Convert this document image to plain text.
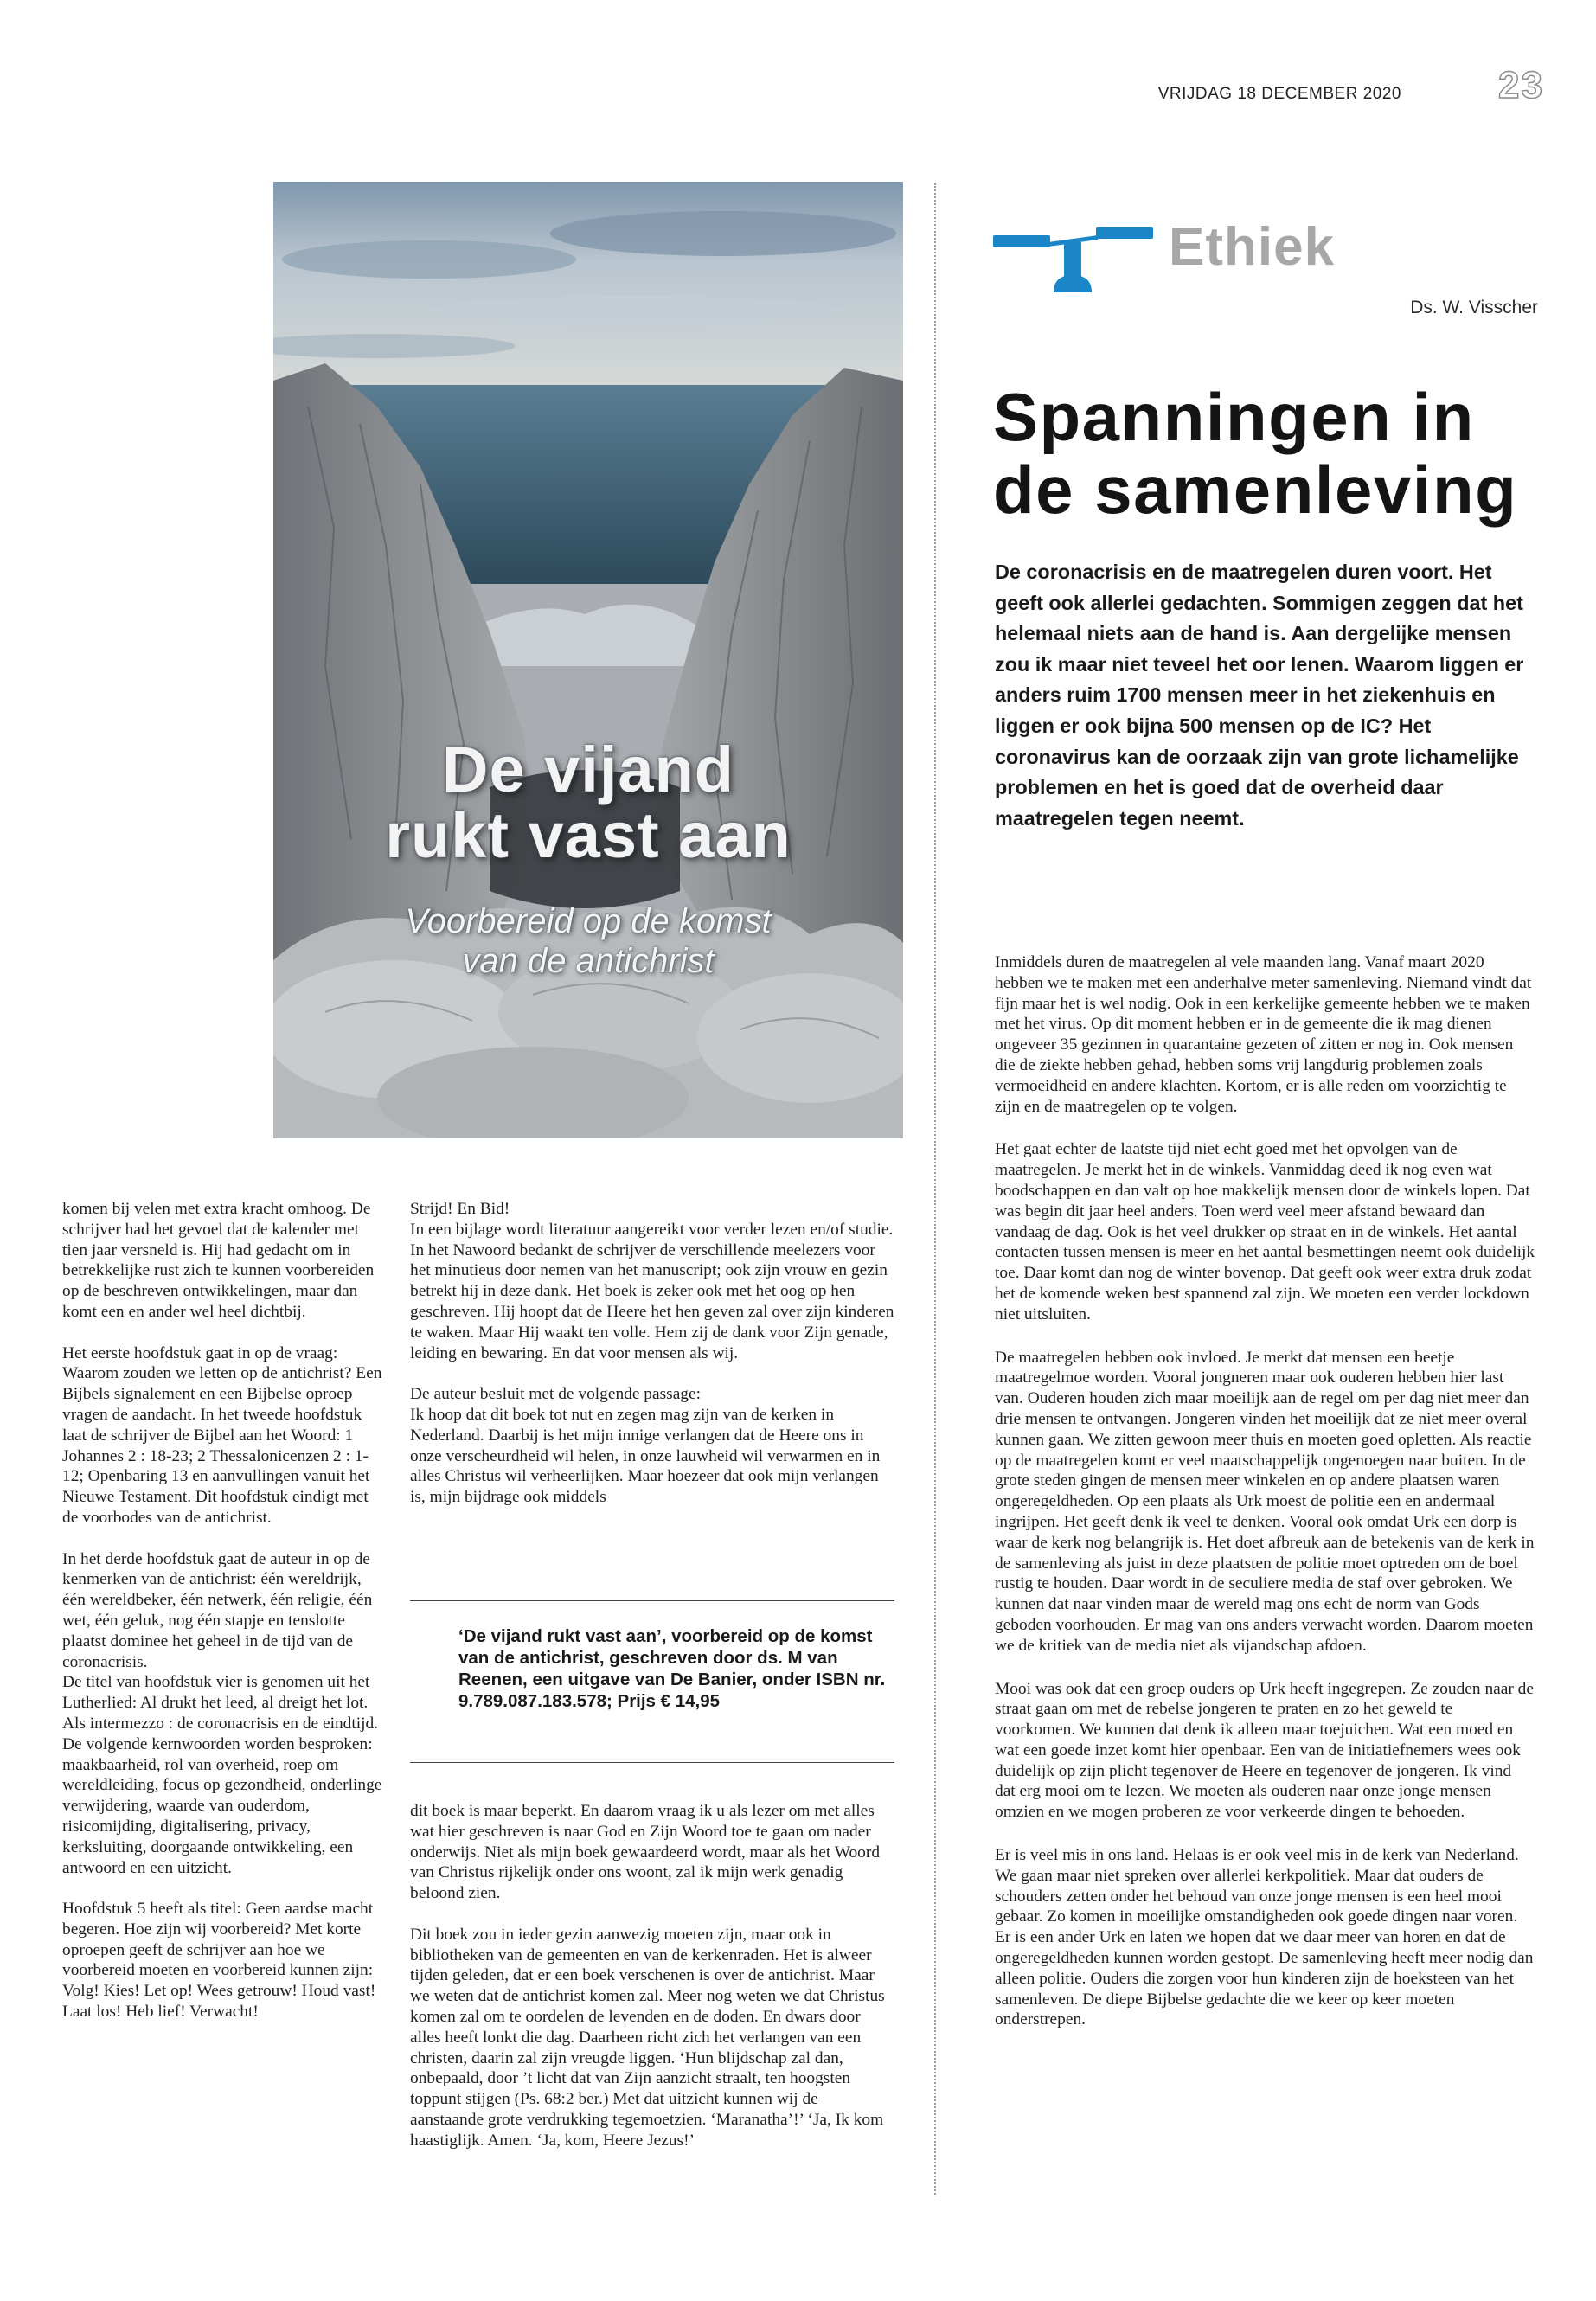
VRIJDAG 18 DECEMBER 2020	23
De vijand
rukt vast aan
Voorbereid op de komst
van de antichrist

komen bij velen met extra kracht omhoog. De schrijver had het gevoel dat de kalender met tien jaar versneld is. Hij had gedacht om in betrekkelijke rust zich te kunnen voorbereiden op de beschreven ontwikkelingen, maar dan komt een en ander wel heel dichtbij.

Het eerste hoofdstuk gaat in op de vraag: Waarom zouden we letten op de antichrist? Een Bijbels signalement en een Bijbelse oproep vragen de aandacht. In het tweede hoofdstuk laat de schrijver de Bijbel aan het Woord: 1 Johannes 2 : 18-23; 2 Thessalonicenzen 2 : 1-12; Openbaring 13 en aanvullingen vanuit het Nieuwe Testament. Dit hoofdstuk eindigt met de voorbodes van de antichrist.

In het derde hoofdstuk gaat de auteur in op de kenmerken van de antichrist: één wereldrijk, één wereldbeker, één netwerk, één religie, één wet, één geluk, nog één stapje en tenslotte plaatst dominee het geheel in de tijd van de coronacrisis.

De titel van hoofdstuk vier is genomen uit het Lutherlied: Al drukt het leed, al dreigt het lot. Als intermezzo : de coronacrisis en de eindtijd. De volgende kernwoorden worden besproken: maakbaarheid, rol van overheid, roep om wereldleiding, focus op gezondheid, onderlinge verwijdering, waarde van ouderdom, risicomijding, digitalisering, privacy, kerksluiting, doorgaande ontwikkeling, een antwoord en een uitzicht.

Hoofdstuk 5 heeft als titel: Geen aardse macht begeren. Hoe zijn wij voorbereid? Met korte oproepen geeft de schrijver aan hoe we voorbereid moeten en voorbereid kunnen zijn: Volg! Kies! Let op! Wees getrouw! Houd vast! Laat los! Heb lief! Verwacht!

Strijd! En Bid!

In een bijlage wordt literatuur aangereikt voor verder lezen en/of studie.

In het Nawoord bedankt de schrijver de verschillende meelezers voor het minutieus door nemen van het manuscript; ook zijn vrouw en gezin betrekt hij in deze dank. Het boek is zeker ook met het oog op hen geschreven. Hij hoopt dat de Heere het hen geven zal over zijn kinderen te waken. Maar Hij waakt ten volle. Hem zij de dank voor Zijn genade, leiding en bewaring. En dat voor mensen als wij.

De auteur besluit met de volgende passage:

Ik hoop dat dit boek tot nut en zegen mag zijn van de kerken in Nederland. Daarbij is het mijn innige verlangen dat de Heere ons in onze verscheurdheid wil helen, in onze lauwheid wil verwarmen en in alles Christus wil verheerlijken. Maar hoezeer dat ook mijn verlangen is, mijn bijdrage ook middels

‘De vijand rukt vast aan’, voorbereid op de komst van de antichrist, geschreven door ds. M van Reenen, een uitgave van De Banier, onder ISBN nr. 9.789.087.183.578; Prijs € 14,95

dit boek is maar beperkt. En daarom vraag ik u als lezer om met alles wat hier geschreven is naar God en Zijn Woord toe te gaan om nader onderwijs. Niet als mijn boek gewaardeerd wordt, maar als het Woord van Christus rijkelijk onder ons woont, zal ik mijn werk genadig beloond zien.

Dit boek zou in ieder gezin aanwezig moeten zijn, maar ook in bibliotheken van de gemeenten en van de kerkenraden. Het is alweer tijden geleden, dat er een boek verschenen is over de antichrist. Maar we weten dat de antichrist komen zal. Meer nog weten we dat Christus komen zal om te oordelen de levenden en de doden. En dwars door alles heeft lonkt die dag. Daarheen richt zich het verlangen van een christen, daarin zal zijn vreugde liggen. ‘Hun blijdschap zal dan, onbepaald, door ’t licht dat van Zijn aanzicht straalt, ten hoogsten toppunt stijgen (Ps. 68:2 ber.) Met dat uitzicht kunnen wij de aanstaande grote verdrukking tegemoetzien. ‘Maranatha’!’ ‘Ja, Ik kom haastiglijk. Amen. ‘Ja, kom, Heere Jezus!’

Ethiek
Ds. W. Visscher
Spanningen in de samenleving
De coronacrisis en de maatregelen duren voort. Het geeft ook allerlei gedachten. Sommigen zeggen dat het helemaal niets aan de hand is. Aan dergelijke mensen zou ik maar niet teveel het oor lenen. Waarom liggen er anders ruim 1700 mensen meer in het ziekenhuis en liggen er ook bijna 500 mensen op de IC? Het coronavirus kan de oorzaak zijn van grote lichamelijke problemen en het is goed dat de overheid daar maatregelen tegen neemt.

Inmiddels duren de maatregelen al vele maanden lang. Vanaf maart 2020 hebben we te maken met een anderhalve meter samenleving. Niemand vindt dat fijn maar het is wel nodig. Ook in een kerkelijke gemeente hebben we te maken met het virus. Op dit moment hebben er in de gemeente die ik mag dienen ongeveer 35 gezinnen in quarantaine gezeten of zitten er nog in. Ook mensen die de ziekte hebben gehad, hebben soms vrij langdurig problemen zoals vermoeidheid en andere klachten. Kortom, er is alle reden om voorzichtig te zijn en de maatregelen op te volgen.

Het gaat echter de laatste tijd niet echt goed met het opvolgen van de maatregelen. Je merkt het in de winkels. Vanmiddag deed ik nog even wat boodschappen en dan valt op hoe makkelijk mensen door de winkels lopen. Dat was begin dit jaar heel anders. Toen werd veel meer afstand bewaard dan vandaag de dag. Ook is het veel drukker op straat en in de winkels. Het aantal contacten tussen mensen is meer en het aantal besmettingen neemt ook duidelijk toe. Daar komt dan nog de winter bovenop. Dat geeft ook weer extra druk zodat het de komende weken best spannend zal zijn. We moeten een verder lockdown niet uitsluiten.

De maatregelen hebben ook invloed. Je merkt dat mensen een beetje maatregelmoe worden. Vooral jongneren maar ook ouderen hebben hier last van. Ouderen houden zich maar moeilijk aan de regel om per dag niet meer dan drie mensen te ontvangen. Jongeren vinden het moeilijk dat ze niet meer overal kunnen gaan. We zitten gewoon meer thuis en moeten goed opletten. Als reactie op de maatregelen komt er veel maatschappelijk ongenoegen naar buiten. In de grote steden gingen de mensen meer winkelen en op andere plaatsen waren ongeregeldheden. Op een plaats als Urk moest de politie een en andermaal ingrijpen. Het geeft denk ik veel te denken. Vooral ook omdat Urk een dorp is waar de kerk nog belangrijk is. Het doet afbreuk aan de betekenis van de kerk in de samenleving als juist in deze plaatsten de politie moet optreden om de boel rustig te houden. Daar wordt in de seculiere media de staf over gebroken. We kunnen dat naar vinden maar de wereld mag ons echt de norm van Gods geboden voorhouden. Er mag van ons anders verwacht worden. Daarom moeten we de kritiek van de media niet als vijandschap afdoen.

Mooi was ook dat een groep ouders op Urk heeft ingegrepen. Ze zouden naar de straat gaan om met de rebelse jongeren te praten en zo het geweld te voorkomen. We kunnen dat denk ik alleen maar toejuichen. Wat een moed en wat een goede inzet komt hier openbaar. Een van de initiatiefnemers wees ook duidelijk op zijn plicht tegenover de Heere en tegenover de jongeren. Ik vind dat erg mooi om te lezen. We moeten als ouderen naar onze jonge mensen omzien en we mogen proberen ze voor verkeerde dingen te behoeden.

Er is veel mis in ons land. Helaas is er ook veel mis in de kerk van Nederland. We gaan maar niet spreken over allerlei kerkpolitiek. Maar dat ouders de schouders zetten onder het behoud van onze jonge mensen is een heel mooi gebaar. Zo komen in moeilijke omstandigheden ook goede dingen naar voren. Er is een ander Urk en laten we hopen dat we daar meer van horen en dat de ongeregeldheden kunnen worden gestopt. De samenleving heeft meer nodig dan alleen politie. Ouders die zorgen voor hun kinderen zijn de hoeksteen van het samenleven. De diepe Bijbelse gedachte die we keer op keer moeten onderstrepen.
